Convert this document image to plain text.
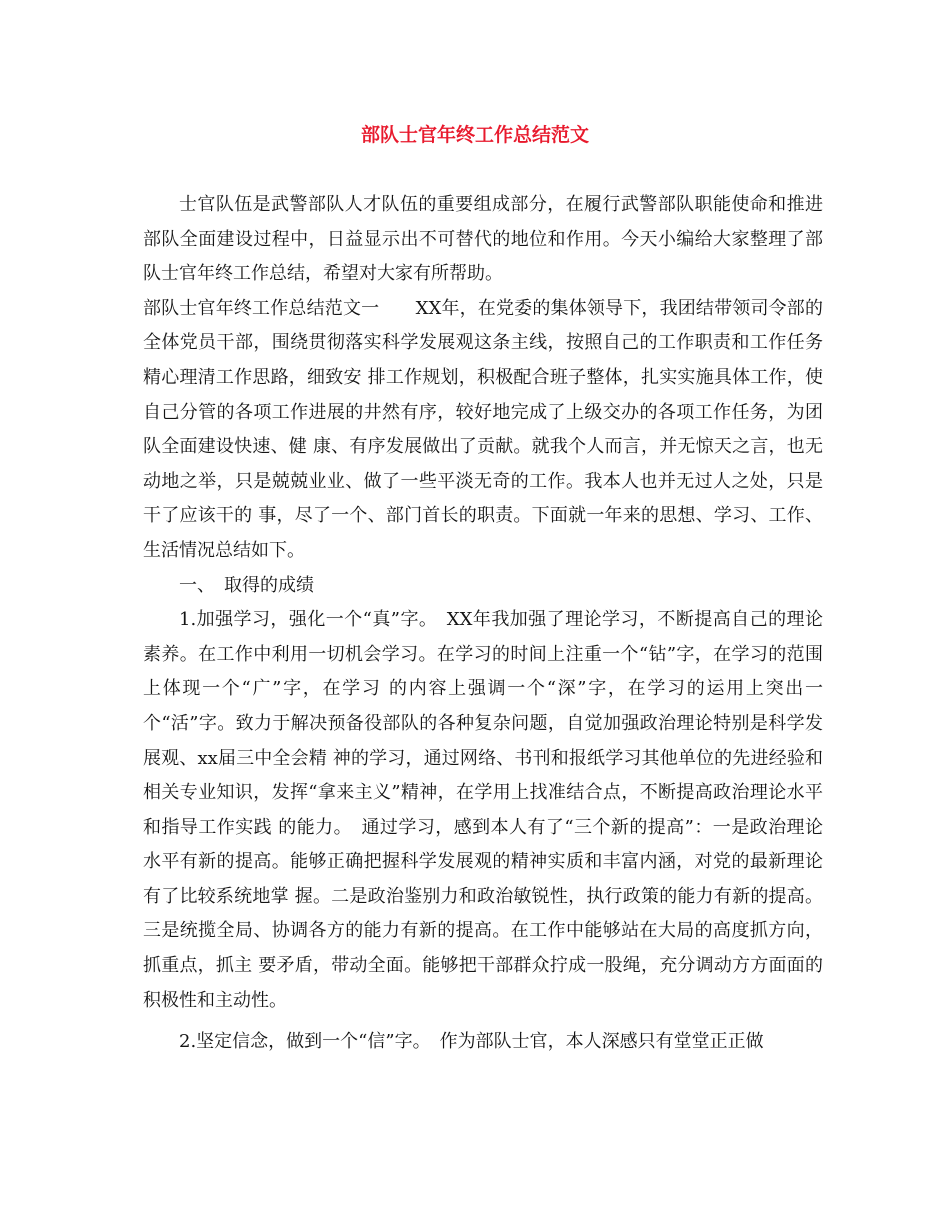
部队士官年终工作总结范文

士官队伍是武警部队人才队伍的重要组成部分，在履行武警部队职能使命和推进部队全面建设过程中，日益显示出不可替代的地位和作用。今天小编给大家整理了部队士官年终工作总结，希望对大家有所帮助。

部队士官年终工作总结范文一　　XX年，在党委的集体领导下，我团结带领司令部的全体党员干部，围绕贯彻落实科学发展观这条主线，按照自己的工作职责和工作任务精心理清工作思路，细致安 排工作规划，积极配合班子整体，扎实实施具体工作，使自己分管的各项工作进展的井然有序，较好地完成了上级交办的各项工作任务，为团队全面建设快速、健 康、有序发展做出了贡献。就我个人而言，并无惊天之言，也无动地之举，只是兢兢业业、做了一些平淡无奇的工作。我本人也并无过人之处，只是干了应该干的 事，尽了一个、部门首长的职责。下面就一年来的思想、学习、工作、生活情况总结如下。

一、　取得的成绩

1.加强学习，强化一个“真”字。　XX年我加强了理论学习，不断提高自己的理论素养。在工作中利用一切机会学习。在学习的时间上注重一个“钻”字，在学习的范围上体现一个“广”字，在学习 的内容上强调一个“深”字，在学习的运用上突出一个“活”字。致力于解决预备役部队的各种复杂问题，自觉加强政治理论特别是科学发展观、xx届三中全会精 神的学习，通过网络、书刊和报纸学习其他单位的先进经验和相关专业知识，发挥“拿来主义”精神，在学用上找准结合点，不断提高政治理论水平和指导工作实践 的能力。　通过学习，感到本人有了“三个新的提高”：一是政治理论水平有新的提高。能够正确把握科学发展观的精神实质和丰富内涵，对党的最新理论有了比较系统地掌 握。二是政治鉴别力和政治敏锐性，执行政策的能力有新的提高。三是统揽全局、协调各方的能力有新的提高。在工作中能够站在大局的高度抓方向，抓重点，抓主 要矛盾，带动全面。能够把干部群众拧成一股绳，充分调动方方面面的积极性和主动性。

2.坚定信念，做到一个“信”字。　作为部队士官，本人深感只有堂堂正正做
